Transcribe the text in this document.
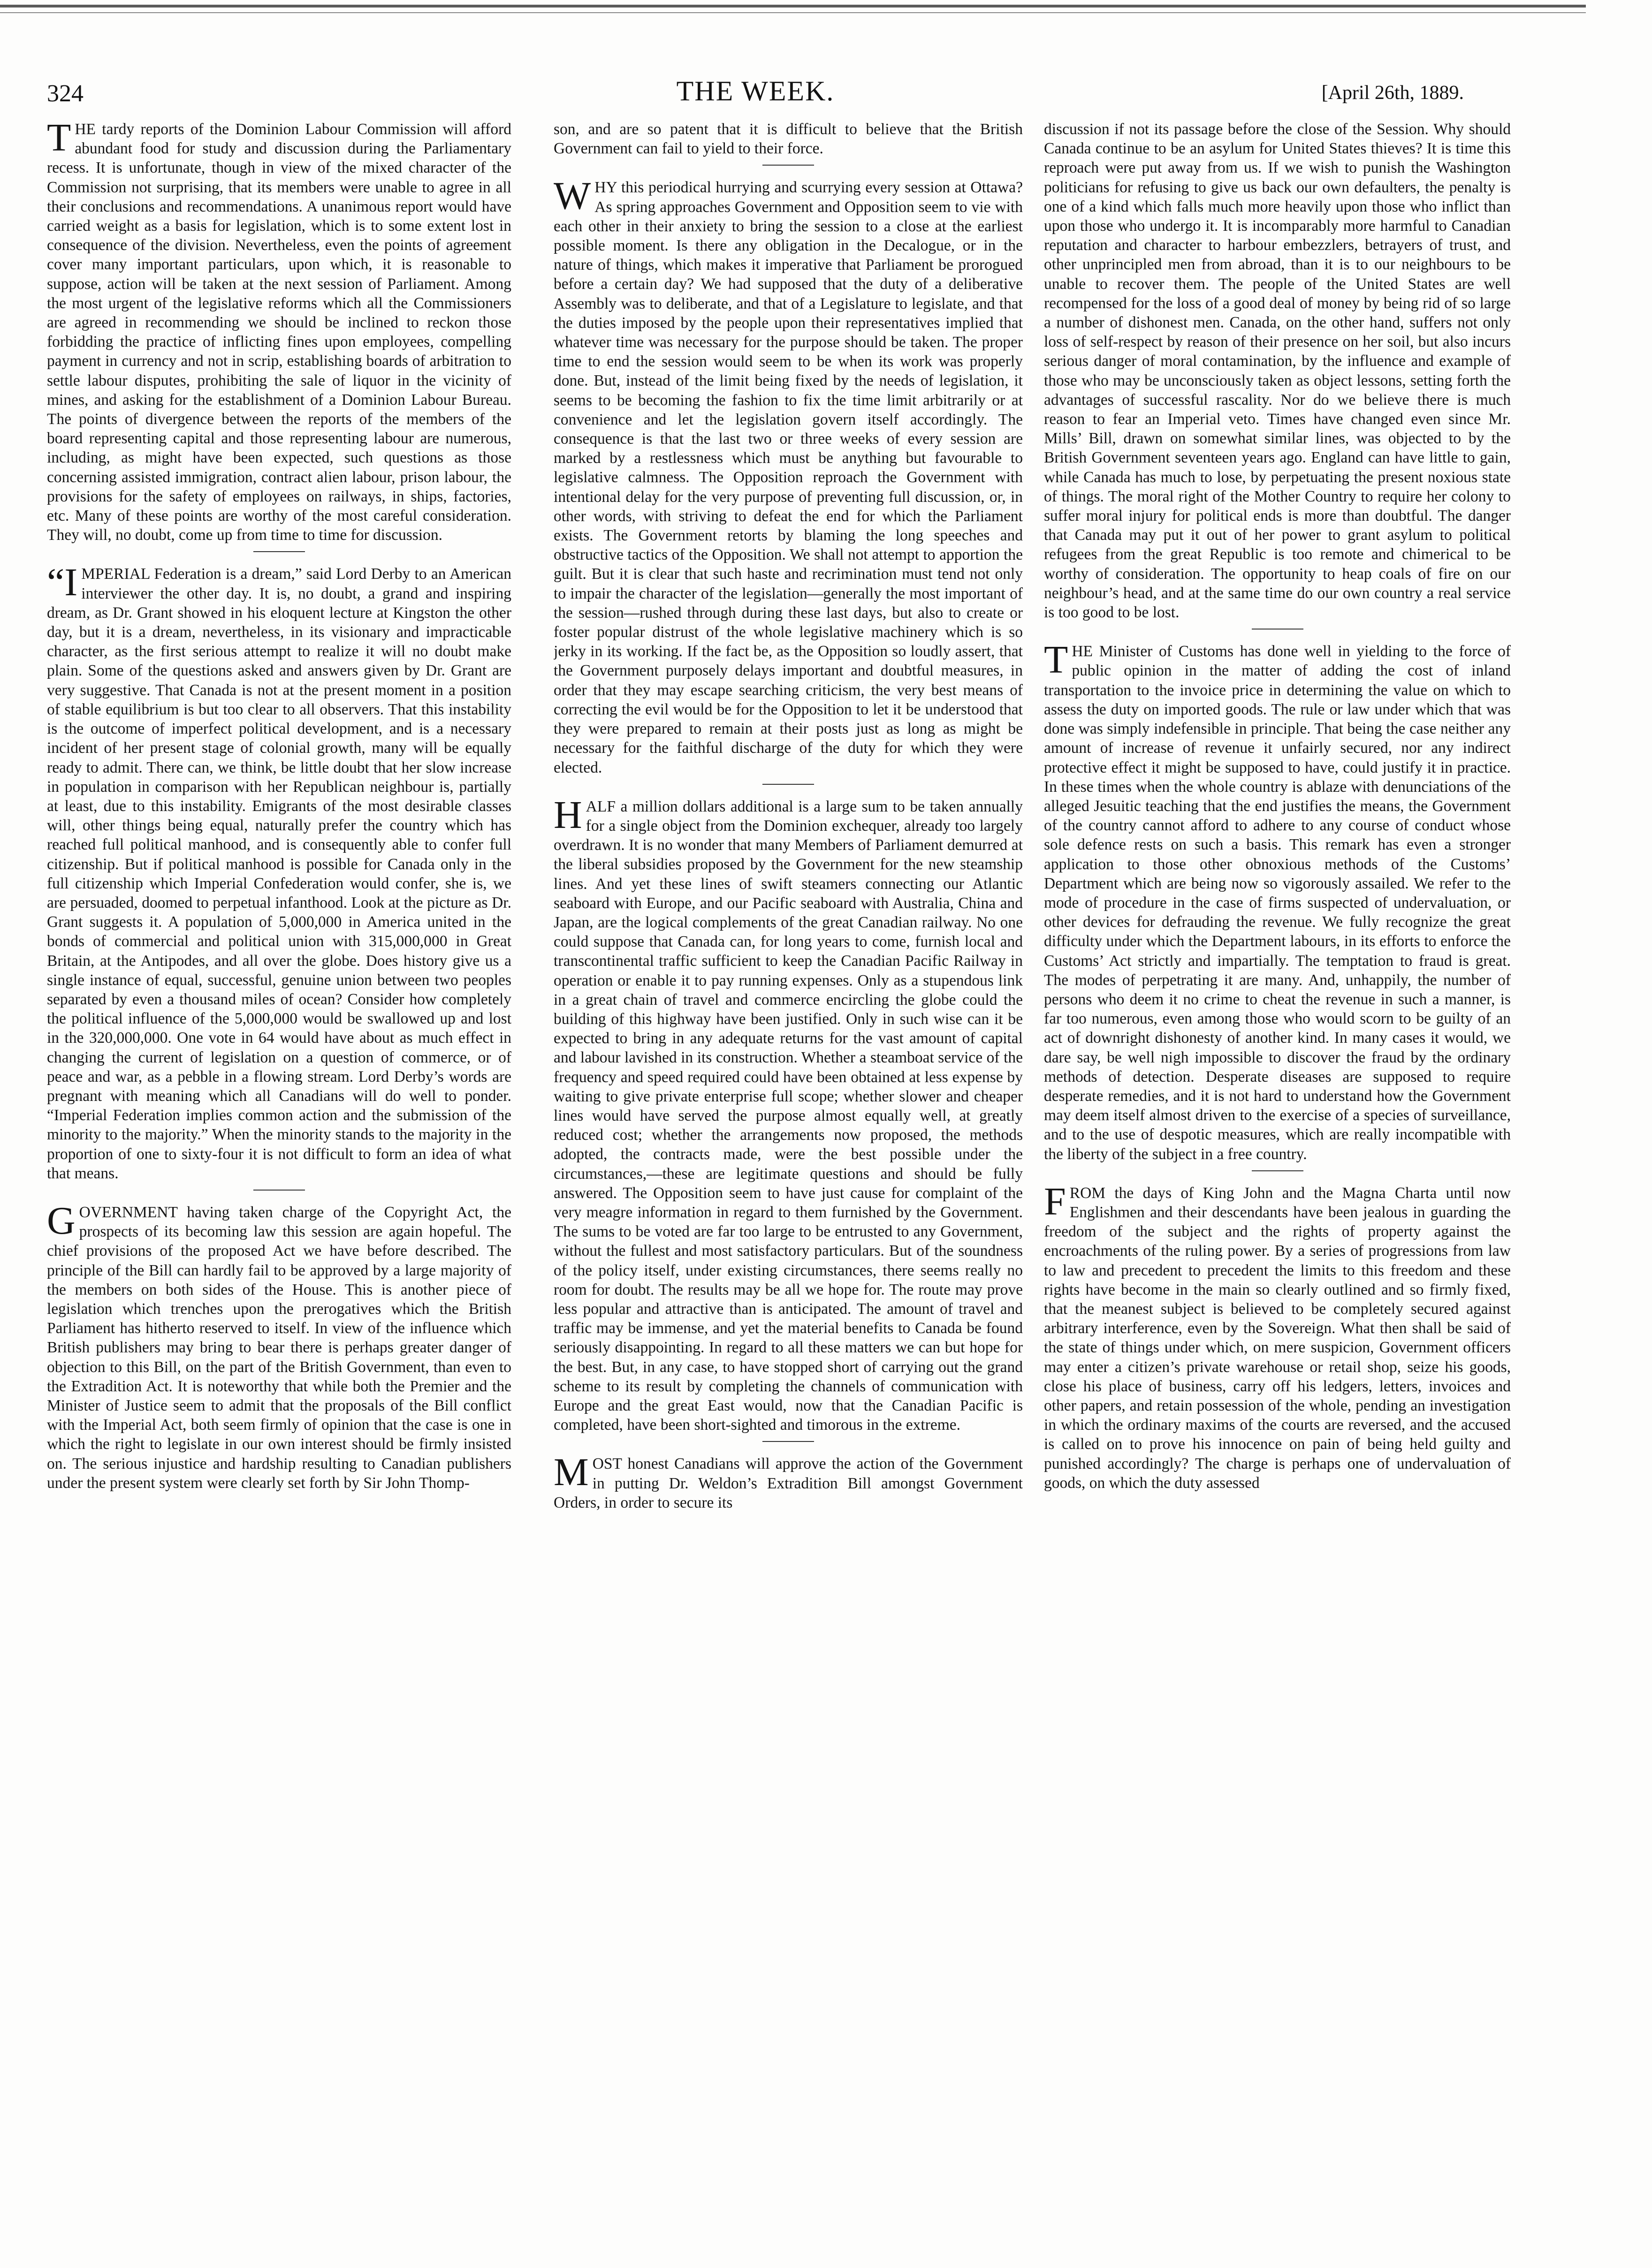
324	THE WEEK.	[April 26th, 1889.

THE tardy reports of the Dominion Labour Commission will afford abundant food for study and discussion during the Parliamentary recess. It is unfortunate, though in view of the mixed character of the Commission not surprising, that its members were unable to agree in all their conclusions and recommendations. A unanimous report would have carried weight as a basis for legislation, which is to some extent lost in consequence of the division. Nevertheless, even the points of agreement cover many important particulars, upon which, it is reasonable to suppose, action will be taken at the next session of Parliament. Among the most urgent of the legislative reforms which all the Commissioners are agreed in recommending we should be inclined to reckon those forbidding the practice of inflicting fines upon employees, compelling payment in currency and not in scrip, establishing boards of arbitration to settle labour disputes, prohibiting the sale of liquor in the vicinity of mines, and asking for the establishment of a Dominion Labour Bureau. The points of divergence between the reports of the members of the board representing capital and those representing labour are numerous, including, as might have been expected, such questions as those concerning assisted immigration, contract alien labour, prison labour, the provisions for the safety of employees on railways, in ships, factories, etc. Many of these points are worthy of the most careful consideration. They will, no doubt, come up from time to time for discussion.

“IMPERIAL Federation is a dream,” said Lord Derby to an American interviewer the other day. It is, no doubt, a grand and inspiring dream, as Dr. Grant showed in his eloquent lecture at Kingston the other day, but it is a dream, nevertheless, in its visionary and impracticable character, as the first serious attempt to realize it will no doubt make plain. Some of the questions asked and answers given by Dr. Grant are very suggestive. That Canada is not at the present moment in a position of stable equilibrium is but too clear to all observers. That this instability is the outcome of imperfect political development, and is a necessary incident of her present stage of colonial growth, many will be equally ready to admit. There can, we think, be little doubt that her slow increase in population in comparison with her Republican neighbour is, partially at least, due to this instability. Emigrants of the most desirable classes will, other things being equal, naturally prefer the country which has reached full political manhood, and is consequently able to confer full citizenship. But if political manhood is possible for Canada only in the full citizenship which Imperial Confederation would confer, she is, we are persuaded, doomed to perpetual infanthood. Look at the picture as Dr. Grant suggests it. A population of 5,000,000 in America united in the bonds of commercial and political union with 315,000,000 in Great Britain, at the Antipodes, and all over the globe. Does history give us a single instance of equal, successful, genuine union between two peoples separated by even a thousand miles of ocean? Consider how completely the political influence of the 5,000,000 would be swallowed up and lost in the 320,000,000. One vote in 64 would have about as much effect in changing the current of legislation on a question of commerce, or of peace and war, as a pebble in a flowing stream. Lord Derby’s words are pregnant with meaning which all Canadians will do well to ponder. “Imperial Federation implies common action and the submission of the minority to the majority.” When the minority stands to the majority in the proportion of one to sixty-four it is not difficult to form an idea of what that means.

GOVERNMENT having taken charge of the Copyright Act, the prospects of its becoming law this session are again hopeful. The chief provisions of the proposed Act we have before described. The principle of the Bill can hardly fail to be approved by a large majority of the members on both sides of the House. This is another piece of legislation which trenches upon the prerogatives which the British Parliament has hitherto reserved to itself. In view of the influence which British publishers may bring to bear there is perhaps greater danger of objection to this Bill, on the part of the British Government, than even to the Extradition Act. It is noteworthy that while both the Premier and the Minister of Justice seem to admit that the proposals of the Bill conflict with the Imperial Act, both seem firmly of opinion that the case is one in which the right to legislate in our own interest should be firmly insisted on. The serious injustice and hardship resulting to Canadian publishers under the present system were clearly set forth by Sir John Thomp-

son, and are so patent that it is difficult to believe that the British Government can fail to yield to their force.

WHY this periodical hurrying and scurrying every session at Ottawa? As spring approaches Government and Opposition seem to vie with each other in their anxiety to bring the session to a close at the earliest possible moment. Is there any obligation in the Decalogue, or in the nature of things, which makes it imperative that Parliament be prorogued before a certain day? We had supposed that the duty of a deliberative Assembly was to deliberate, and that of a Legislature to legislate, and that the duties imposed by the people upon their representatives implied that whatever time was necessary for the purpose should be taken. The proper time to end the session would seem to be when its work was properly done. But, instead of the limit being fixed by the needs of legislation, it seems to be becoming the fashion to fix the time limit arbitrarily or at convenience and let the legislation govern itself accordingly. The consequence is that the last two or three weeks of every session are marked by a restlessness which must be anything but favourable to legislative calmness. The Opposition reproach the Government with intentional delay for the very purpose of preventing full discussion, or, in other words, with striving to defeat the end for which the Parliament exists. The Government retorts by blaming the long speeches and obstructive tactics of the Opposition. We shall not attempt to apportion the guilt. But it is clear that such haste and recrimination must tend not only to impair the character of the legislation—generally the most important of the session—rushed through during these last days, but also to create or foster popular distrust of the whole legislative machinery which is so jerky in its working. If the fact be, as the Opposition so loudly assert, that the Government purposely delays important and doubtful measures, in order that they may escape searching criticism, the very best means of correcting the evil would be for the Opposition to let it be understood that they were prepared to remain at their posts just as long as might be necessary for the faithful discharge of the duty for which they were elected.

HALF a million dollars additional is a large sum to be taken annually for a single object from the Dominion exchequer, already too largely overdrawn. It is no wonder that many Members of Parliament demurred at the liberal subsidies proposed by the Government for the new steamship lines. And yet these lines of swift steamers connecting our Atlantic seaboard with Europe, and our Pacific seaboard with Australia, China and Japan, are the logical complements of the great Canadian railway. No one could suppose that Canada can, for long years to come, furnish local and transcontinental traffic sufficient to keep the Canadian Pacific Railway in operation or enable it to pay running expenses. Only as a stupendous link in a great chain of travel and commerce encircling the globe could the building of this highway have been justified. Only in such wise can it be expected to bring in any adequate returns for the vast amount of capital and labour lavished in its construction. Whether a steamboat service of the frequency and speed required could have been obtained at less expense by waiting to give private enterprise full scope; whether slower and cheaper lines would have served the purpose almost equally well, at greatly reduced cost; whether the arrangements now proposed, the methods adopted, the contracts made, were the best possible under the circumstances,—these are legitimate questions and should be fully answered. The Opposition seem to have just cause for complaint of the very meagre information in regard to them furnished by the Government. The sums to be voted are far too large to be entrusted to any Government, without the fullest and most satisfactory particulars. But of the soundness of the policy itself, under existing circumstances, there seems really no room for doubt. The results may be all we hope for. The route may prove less popular and attractive than is anticipated. The amount of travel and traffic may be immense, and yet the material benefits to Canada be found seriously disappointing. In regard to all these matters we can but hope for the best. But, in any case, to have stopped short of carrying out the grand scheme to its result by completing the channels of communication with Europe and the great East would, now that the Canadian Pacific is completed, have been short-sighted and timorous in the extreme.

MOST honest Canadians will approve the action of the Government in putting Dr. Weldon’s Extradition Bill amongst Government Orders, in order to secure its

discussion if not its passage before the close of the Session. Why should Canada continue to be an asylum for United States thieves? It is time this reproach were put away from us. If we wish to punish the Washington politicians for refusing to give us back our own defaulters, the penalty is one of a kind which falls much more heavily upon those who inflict than upon those who undergo it. It is incomparably more harmful to Canadian reputation and character to harbour embezzlers, betrayers of trust, and other unprincipled men from abroad, than it is to our neighbours to be unable to recover them. The people of the United States are well recompensed for the loss of a good deal of money by being rid of so large a number of dishonest men. Canada, on the other hand, suffers not only loss of self-respect by reason of their presence on her soil, but also incurs serious danger of moral contamination, by the influence and example of those who may be unconsciously taken as object lessons, setting forth the advantages of successful rascality. Nor do we believe there is much reason to fear an Imperial veto. Times have changed even since Mr. Mills’ Bill, drawn on somewhat similar lines, was objected to by the British Government seventeen years ago. England can have little to gain, while Canada has much to lose, by perpetuating the present noxious state of things. The moral right of the Mother Country to require her colony to suffer moral injury for political ends is more than doubtful. The danger that Canada may put it out of her power to grant asylum to political refugees from the great Republic is too remote and chimerical to be worthy of consideration. The opportunity to heap coals of fire on our neighbour’s head, and at the same time do our own country a real service is too good to be lost.

THE Minister of Customs has done well in yielding to the force of public opinion in the matter of adding the cost of inland transportation to the invoice price in determining the value on which to assess the duty on imported goods. The rule or law under which that was done was simply indefensible in principle. That being the case neither any amount of increase of revenue it unfairly secured, nor any indirect protective effect it might be supposed to have, could justify it in practice. In these times when the whole country is ablaze with denunciations of the alleged Jesuitic teaching that the end justifies the means, the Government of the country cannot afford to adhere to any course of conduct whose sole defence rests on such a basis. This remark has even a stronger application to those other obnoxious methods of the Customs’ Department which are being now so vigorously assailed. We refer to the mode of procedure in the case of firms suspected of undervaluation, or other devices for defrauding the revenue. We fully recognize the great difficulty under which the Department labours, in its efforts to enforce the Customs’ Act strictly and impartially. The temptation to fraud is great. The modes of perpetrating it are many. And, unhappily, the number of persons who deem it no crime to cheat the revenue in such a manner, is far too numerous, even among those who would scorn to be guilty of an act of downright dishonesty of another kind. In many cases it would, we dare say, be well nigh impossible to discover the fraud by the ordinary methods of detection. Desperate diseases are supposed to require desperate remedies, and it is not hard to understand how the Government may deem itself almost driven to the exercise of a species of surveillance, and to the use of despotic measures, which are really incompatible with the liberty of the subject in a free country.

FROM the days of King John and the Magna Charta until now Englishmen and their descendants have been jealous in guarding the freedom of the subject and the rights of property against the encroachments of the ruling power. By a series of progressions from law to law and precedent to precedent the limits to this freedom and these rights have become in the main so clearly outlined and so firmly fixed, that the meanest subject is believed to be completely secured against arbitrary interference, even by the Sovereign. What then shall be said of the state of things under which, on mere suspicion, Government officers may enter a citizen’s private warehouse or retail shop, seize his goods, close his place of business, carry off his ledgers, letters, invoices and other papers, and retain possession of the whole, pending an investigation in which the ordinary maxims of the courts are reversed, and the accused is called on to prove his innocence on pain of being held guilty and punished accordingly? The charge is perhaps one of undervaluation of goods, on which the duty assessed
